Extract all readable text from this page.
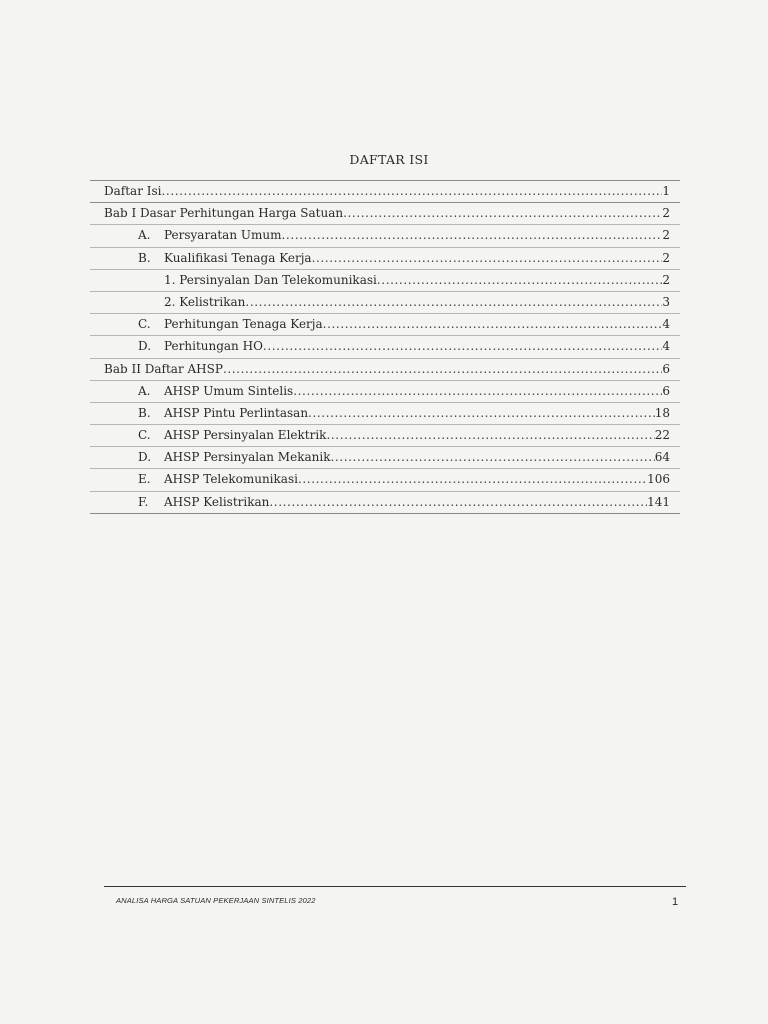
DAFTAR ISI
Daftar Isi .....	1
Bab I Dasar Perhitungan Harga Satuan .....	2
A.	Persyaratan Umum .....	2
B.	Kualifikasi Tenaga Kerja .....	2
1. Persinyalan Dan Telekomunikasi .....	2
2. Kelistrikan .....	3
C.	Perhitungan Tenaga Kerja .....	4
D.	Perhitungan HO .....	4
Bab II Daftar AHSP .....	6
A.	AHSP Umum Sintelis .....	6
B.	AHSP Pintu Perlintasan .....	18
C.	AHSP Persinyalan Elektrik .....	22
D.	AHSP Persinyalan Mekanik .....	64
E.	AHSP Telekomunikasi .....	106
F.	AHSP Kelistrikan .....	141
ANALISA HARGA SATUAN PEKERJAAN SINTELIS 2022	1
